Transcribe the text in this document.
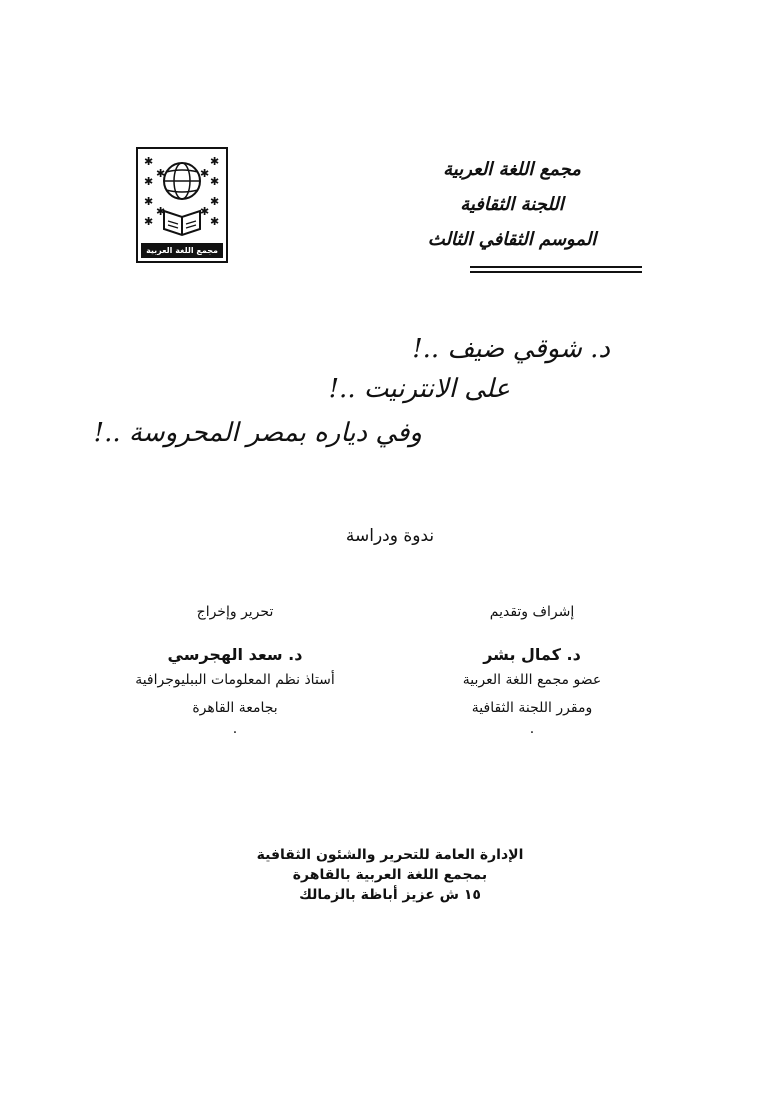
مجمع اللغة العربية
اللجنة الثقافية
الموسم الثقافي الثالث
✱
✱
✱
✱
✱
✱
✱
✱
✱	✱
✱	✱
مجمع اللغة العربية
د. شوقي ضيف ..!
على الانترنيت ..!
وفي دياره بمصر المحروسة ..!
ندوة ودراسة
إشراف وتقديم
د. كمال بشر
عضو مجمع اللغة العربية
ومقرر اللجنة الثقافية
.
تحرير وإخراج
د. سعد الهجرسي
أستاذ نظم المعلومات الببليوجرافية
بجامعة القاهرة
.
الإدارة العامة للتحرير والشئون الثقافية
بمجمع اللغة العربية بالقاهرة
١٥ ش عزيز أباظة بالزمالك
